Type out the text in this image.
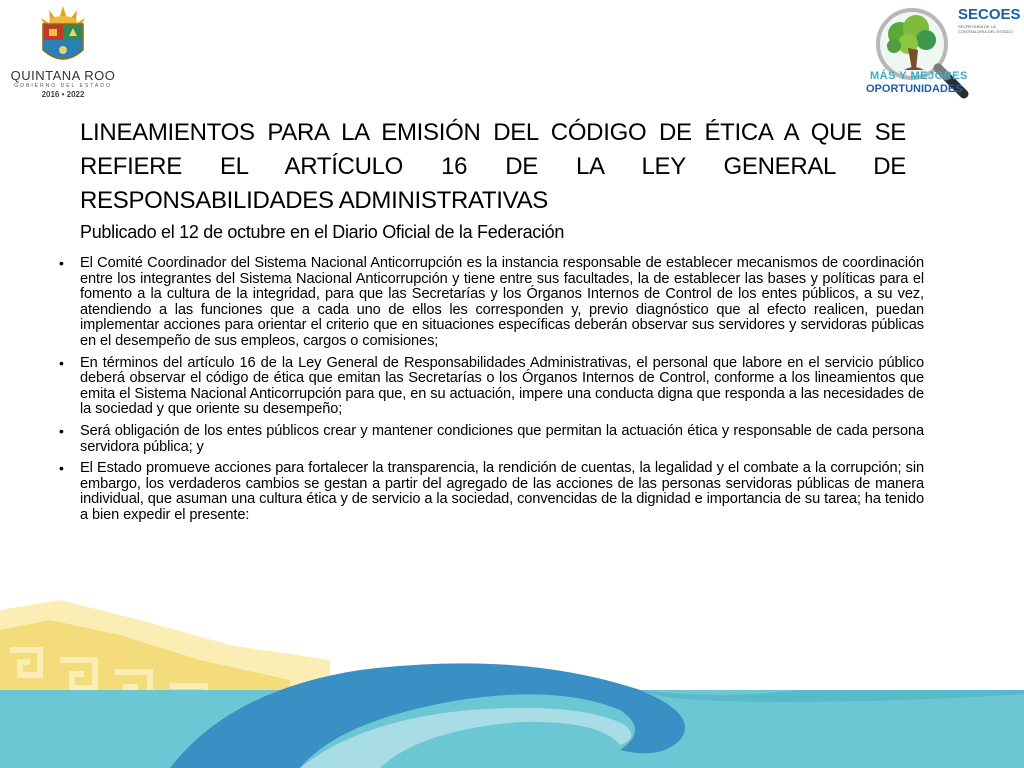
QUINTANA ROO
GOBIERNO DEL ESTADO
2016 • 2022
SECOES
SECRETARÍA DE LA CONTRALORÍA DEL ESTADO
MÁS Y MEJORES
OPORTUNIDADES
LINEAMIENTOS PARA LA EMISIÓN DEL CÓDIGO DE ÉTICA A QUE SE REFIERE EL ARTÍCULO 16 DE LA LEY GENERAL DE RESPONSABILIDADES ADMINISTRATIVAS
Publicado el 12 de octubre en el Diario Oficial de la Federación
• El Comité Coordinador del Sistema Nacional Anticorrupción es la instancia responsable de establecer mecanismos de coordinación entre los integrantes del Sistema Nacional Anticorrupción y tiene entre sus facultades, la de establecer las bases y políticas para el fomento a la cultura de la integridad, para que las Secretarías y los Órganos Internos de Control de los entes públicos, a su vez, atendiendo a las funciones que a cada uno de ellos les corresponden y, previo diagnóstico que al efecto realicen, puedan implementar acciones para orientar el criterio que en situaciones específicas deberán observar sus servidores y servidoras públicas en el desempeño de sus empleos, cargos o comisiones;
• En términos del artículo 16 de la Ley General de Responsabilidades Administrativas, el personal que labore en el servicio público deberá observar el código de ética que emitan las Secretarías o los Órganos Internos de Control, conforme a los lineamientos que emita el Sistema Nacional Anticorrupción para que, en su actuación, impere una conducta digna que responda a las necesidades de la sociedad y que oriente su desempeño;
• Será obligación de los entes públicos crear y mantener condiciones que permitan la actuación ética y responsable de cada persona servidora pública; y
• El Estado promueve acciones para fortalecer la transparencia, la rendición de cuentas, la legalidad y el combate a la corrupción; sin embargo, los verdaderos cambios se gestan a partir del agregado de las acciones de las personas servidoras públicas de manera individual, que asuman una cultura ética y de servicio a la sociedad, convencidas de la dignidad e importancia de su tarea; ha tenido a bien expedir el presente:
